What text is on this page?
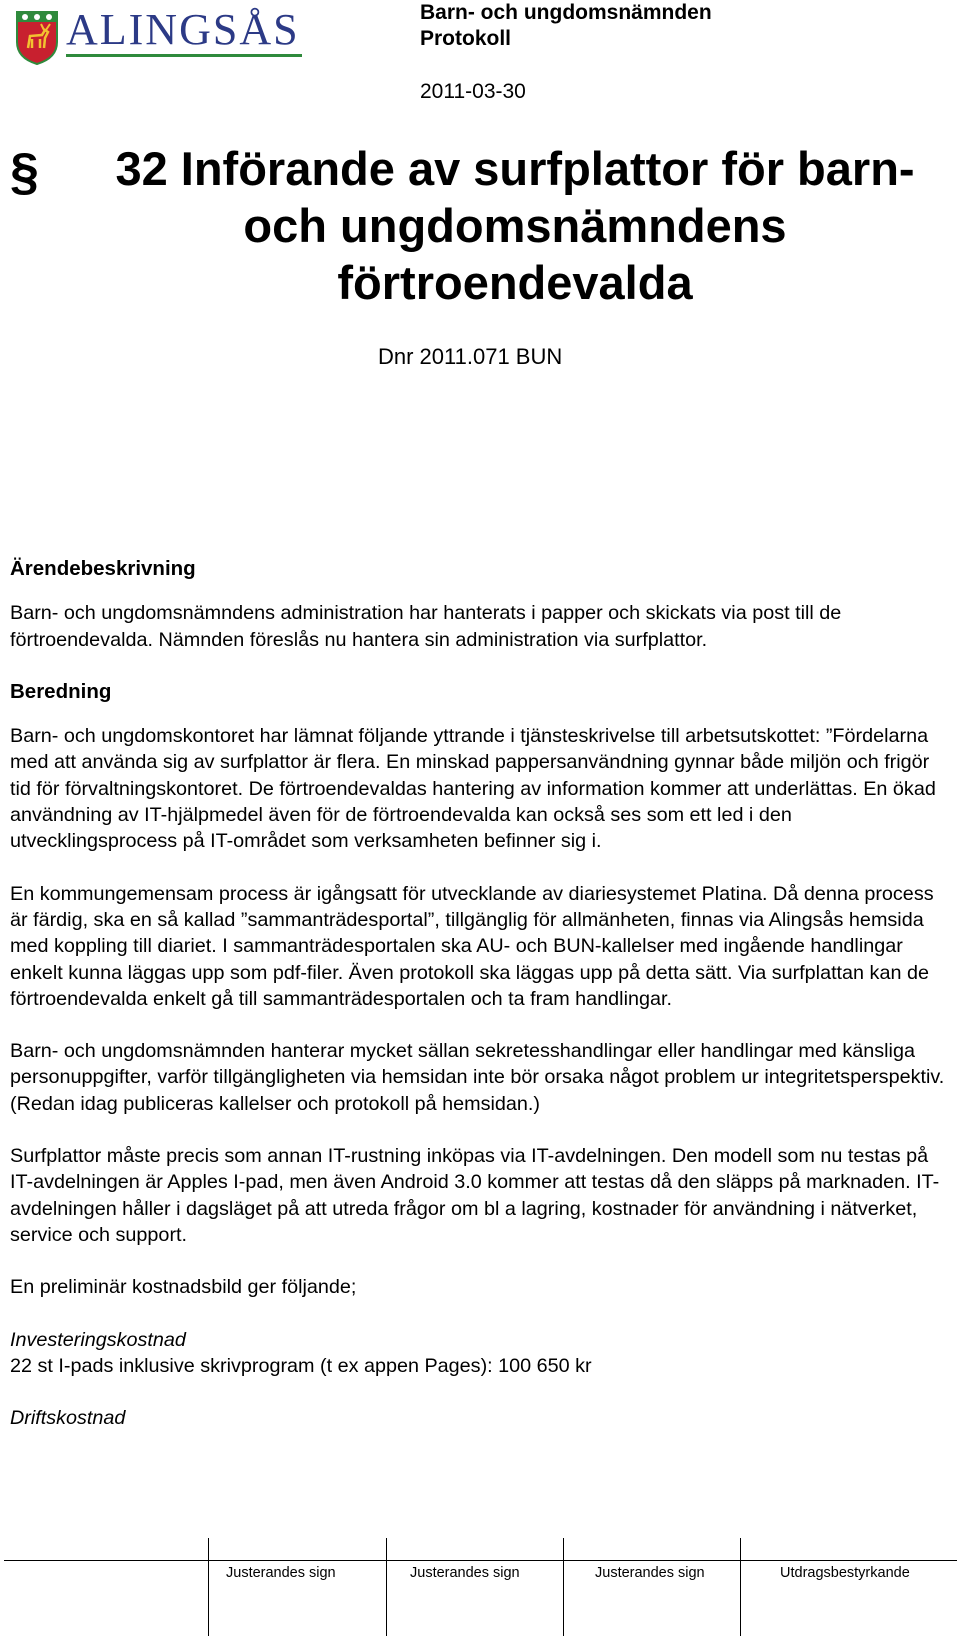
ALINGSÅS	Barn- och ungdomsnämnden
Protokoll
2011-03-30
§	32 Införande av surfplattor för barn- och ungdomsnämndens förtroendevalda
Dnr 2011.071 BUN
Ärendebeskrivning

Barn- och ungdomsnämndens administration har hanterats i papper och skickats via post till de förtroendevalda. Nämnden föreslås nu hantera sin administration via surfplattor.

Beredning

Barn- och ungdomskontoret har lämnat följande yttrande i tjänsteskrivelse till arbetsutskottet: ”Fördelarna med att använda sig av surfplattor är flera. En minskad pappersanvändning gynnar både miljön och frigör tid för förvaltningskontoret. De förtroendevaldas hantering av information kommer att underlättas. En ökad användning av IT-hjälpmedel även för de förtroendevalda kan också ses som ett led i den utvecklingsprocess på IT-området som verksamheten befinner sig i.

En kommungemensam process är igångsatt för utvecklande av diariesystemet Platina. Då denna process är färdig, ska en så kallad ”sammanträdesportal”, tillgänglig för allmänheten, finnas via Alingsås hemsida med koppling till diariet. I sammanträdesportalen ska AU- och BUN-kallelser med ingående handlingar enkelt kunna läggas upp som pdf-filer. Även protokoll ska läggas upp på detta sätt. Via surfplattan kan de förtroendevalda enkelt gå till sammanträdesportalen och ta fram handlingar.

Barn- och ungdomsnämnden hanterar mycket sällan sekretesshandlingar eller handlingar med känsliga personuppgifter, varför tillgängligheten via hemsidan inte bör orsaka något problem ur integritetsperspektiv. (Redan idag publiceras kallelser och protokoll på hemsidan.)

Surfplattor måste precis som annan IT-rustning inköpas via IT-avdelningen. Den modell som nu testas på IT-avdelningen är Apples I-pad, men även Android 3.0 kommer att testas då den släpps på marknaden. IT-avdelningen håller i dagsläget på att utreda frågor om bl a lagring, kostnader för användning i nätverket, service och support.

En preliminär kostnadsbild ger följande;

Investeringskostnad

22 st I-pads inklusive skrivprogram (t ex appen Pages): 100 650 kr

Driftskostnad

Justerandes sign	Justerandes sign	Justerandes sign	Utdragsbestyrkande
